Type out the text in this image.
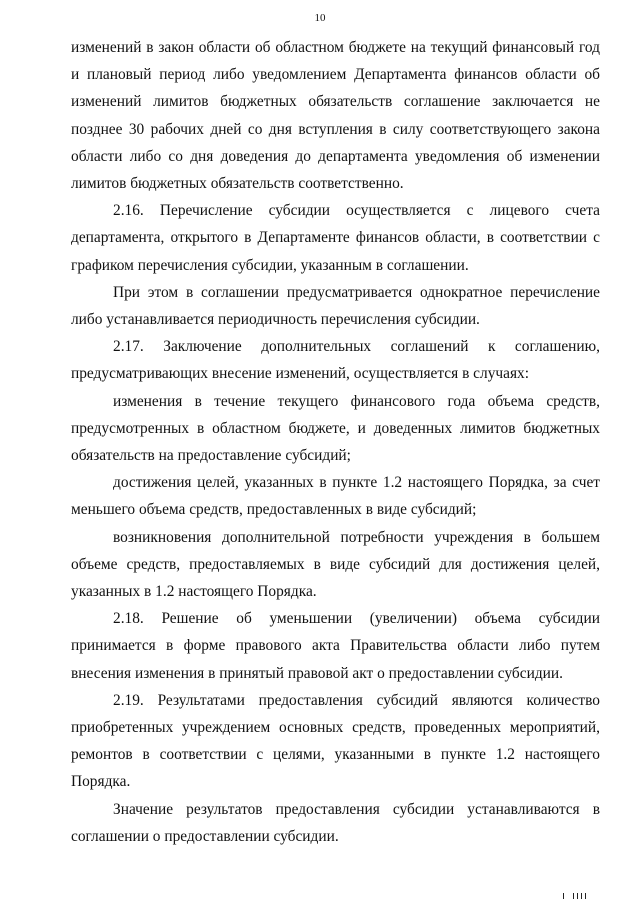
10

изменений в закон области об областном бюджете на текущий финансовый год и плановый период либо уведомлением Департамента финансов области об изменений лимитов бюджетных обязательств соглашение заключается не позднее 30 рабочих дней со дня вступления в силу соответствующего закона области либо со дня доведения до департамента уведомления об изменении лимитов бюджетных обязательств соответственно.

2.16. Перечисление субсидии осуществляется с лицевого счета департамента, открытого в Департаменте финансов области, в соответствии с графиком перечисления субсидии, указанным в соглашении.

При этом в соглашении предусматривается однократное перечисление либо устанавливается периодичность перечисления субсидии.

2.17. Заключение дополнительных соглашений к соглашению, предусматривающих внесение изменений, осуществляется в случаях:

изменения в течение текущего финансового года объема средств, предусмотренных в областном бюджете, и доведенных лимитов бюджетных обязательств на предоставление субсидий;

достижения целей, указанных в пункте 1.2 настоящего Порядка, за счет меньшего объема средств, предоставленных в виде субсидий;

возникновения дополнительной потребности учреждения в большем объеме средств, предоставляемых в виде субсидий для достижения целей, указанных в 1.2 настоящего Порядка.

2.18. Решение об уменьшении (увеличении) объема субсидии принимается в форме правового акта Правительства области либо путем внесения изменения в принятый правовой акт о предоставлении субсидии.

2.19. Результатами предоставления субсидий являются количество приобретенных учреждением основных средств, проведенных мероприятий, ремонтов в соответствии с целями, указанными в пункте 1.2 настоящего Порядка.

Значение результатов предоставления субсидии устанавливаются в соглашении о предоставлении субсидии.
